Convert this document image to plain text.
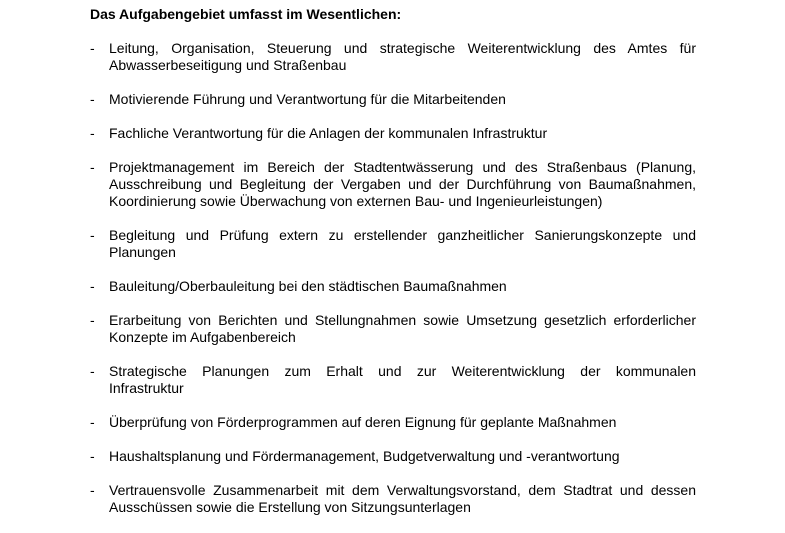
Das Aufgabengebiet umfasst im Wesentlichen:
- Leitung, Organisation, Steuerung und strategische Weiterentwicklung des Amtes für
Abwasserbeseitigung und Straßenbau
- Motivierende Führung und Verantwortung für die Mitarbeitenden
- Fachliche Verantwortung für die Anlagen der kommunalen Infrastruktur
- Projektmanagement im Bereich der Stadtentwässerung und des Straßenbaus (Planung,
Ausschreibung und Begleitung der Vergaben und der Durchführung von Baumaßnahmen,
Koordinierung sowie Überwachung von externen Bau- und Ingenieurleistungen)
- Begleitung und Prüfung extern zu erstellender ganzheitlicher Sanierungskonzepte und
Planungen
- Bauleitung/Oberbauleitung bei den städtischen Baumaßnahmen
- Erarbeitung von Berichten und Stellungnahmen sowie Umsetzung gesetzlich erforderlicher
Konzepte im Aufgabenbereich
- Strategische Planungen zum Erhalt und zur Weiterentwicklung der kommunalen
Infrastruktur
- Überprüfung von Förderprogrammen auf deren Eignung für geplante Maßnahmen
- Haushaltsplanung und Fördermanagement, Budgetverwaltung und -verantwortung
- Vertrauensvolle Zusammenarbeit mit dem Verwaltungsvorstand, dem Stadtrat und dessen
Ausschüssen sowie die Erstellung von Sitzungsunterlagen
